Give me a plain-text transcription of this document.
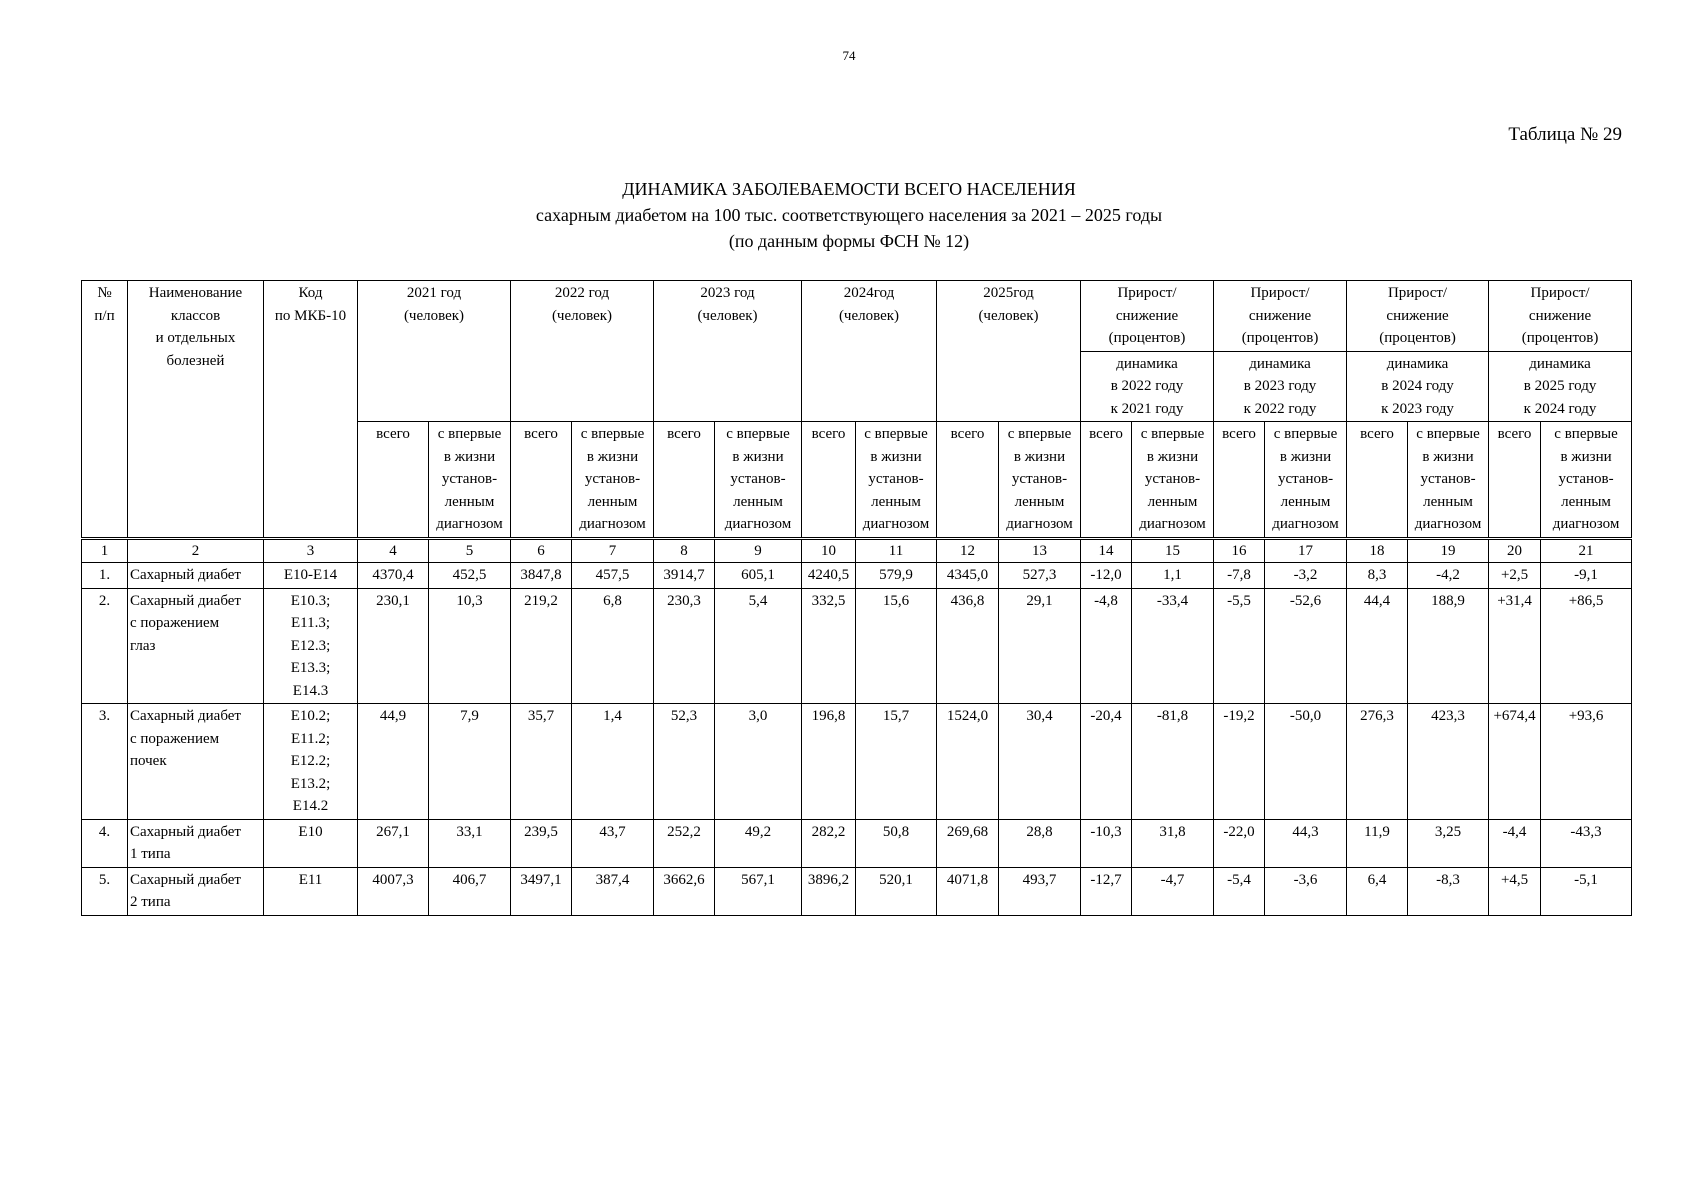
74
Таблица № 29
ДИНАМИКА ЗАБОЛЕВАЕМОСТИ ВСЕГО НАСЕЛЕНИЯ
сахарным диабетом на 100 тыс. соответствующего населения за 2021 – 2025 годы
(по данным формы ФСН № 12)
№
п/п	Наименование
классов
и отдельных
болезней	Код
по МКБ-10	2021 год
(человек)		2022 год
(человек)		2023 год
(человек)		2024год
(человек)		2025год
(человек)		Прирост/
снижение
(процентов)		Прирост/
снижение
(процентов)		Прирост/
снижение
(процентов)		Прирост/
снижение
(процентов)	
													динамика
в 2022 году
к 2021 году		динамика
в 2023 году
к 2022 году		динамика
в 2024 году
к 2023 году		динамика
в 2025 году
к 2024 году	
			всего	с впервые
в жизни
установ-
ленным
диагнозом	всего	с впервые
в жизни
установ-
ленным
диагнозом	всего	с впервые
в жизни
установ-
ленным
диагнозом	всего	с впервые
в жизни
установ-
ленным
диагнозом	всего	с впервые
в жизни
установ-
ленным
диагнозом	всего	с впервые
в жизни
установ-
ленным
диагнозом	всего	с впервые
в жизни
установ-
ленным
диагнозом	всего	с впервые
в жизни
установ-
ленным
диагнозом	всего	с впервые
в жизни
установ-
ленным
диагнозом
1	2	3	4	5	6	7	8	9	10	11	12	13	14	15	16	17	18	19	20	21
1.	Сахарный диабет	Е10-Е14	4370,4	452,5	3847,8	457,5	3914,7	605,1	4240,5	579,9	4345,0	527,3	-12,0	1,1	-7,8	-3,2	8,3	-4,2	+2,5	-9,1
2.	Сахарный диабет
с поражением
глаз	Е10.3;
Е11.3;
Е12.3;
Е13.3;
Е14.3	230,1	10,3	219,2	6,8	230,3	5,4	332,5	15,6	436,8	29,1	-4,8	-33,4	-5,5	-52,6	44,4	188,9	+31,4	+86,5
3.	Сахарный диабет
с поражением
почек	Е10.2;
Е11.2;
Е12.2;
Е13.2;
Е14.2	44,9	7,9	35,7	1,4	52,3	3,0	196,8	15,7	1524,0	30,4	-20,4	-81,8	-19,2	-50,0	276,3	423,3	+674,4	+93,6
4.	Сахарный диабет
1 типа	Е10	267,1	33,1	239,5	43,7	252,2	49,2	282,2	50,8	269,68	28,8	-10,3	31,8	-22,0	44,3	11,9	3,25	-4,4	-43,3
5.	Сахарный диабет
2 типа	Е11	4007,3	406,7	3497,1	387,4	3662,6	567,1	3896,2	520,1	4071,8	493,7	-12,7	-4,7	-5,4	-3,6	6,4	-8,3	+4,5	-5,1
